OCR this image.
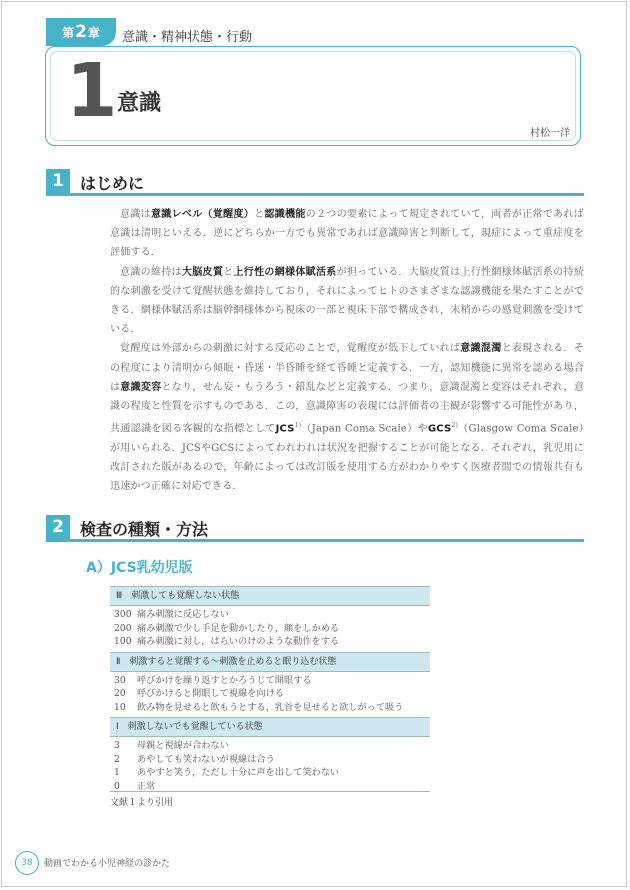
第 2 章 意識・精神状態・行動
1 意識
村松一洋
1	はじめに

意識は意識レベル（覚醒度）と認識機能の２つの要素によって規定されていて，両者が正常であれば意識は清明といえる．逆にどちらか一方でも異常であれば意識障害と判断して，現症によって重症度を評価する．

意識の維持は大脳皮質と上行性の網様体賦活系が担っている．大脳皮質は上行性網様体賦活系の持続的な刺激を受けて覚醒状態を維持しており，それによってヒトのさまざまな認識機能を果たすことができる．網様体賦活系は脳幹網様体から視床の一部と視床下部で構成され，末梢からの感覚刺激を受けている．

覚醒度は外部からの刺激に対する反応のことで，覚醒度が低下していれば意識混濁と表現される．その程度により清明から傾眠・昏迷・半昏睡を経て昏睡と定義する．一方，認知機能に異常を認める場合は意識変容となり，せん妄・もうろう・錯乱などと定義する．つまり，意識混濁と変容はそれぞれ，意識の程度と性質を示すものである．この，意識障害の表現には評価者の主観が影響する可能性があり，共通認識を図る客観的な指標としてJCS$^{1)}$（Japan Coma Scale）やGCS$^{2)}$（Glasgow Coma Scale）が用いられる．JCSやGCSによってわれわれは状況を把握することが可能となる．それぞれ，乳児用に改訂された版があるので，年齢によっては改訂版を使用する方がわかりやすく医療者間での情報共有も迅速かつ正確に対応できる．

2	検査の種類・方法
A）JCS乳幼児版
Ⅲ　刺激しても覚醒しない状態
300 痛み刺激に反応しない
200 痛み刺激で少し手足を動かしたり，顔をしかめる
100 痛み刺激に対し，はらいのけのような動作をする
Ⅱ　刺激すると覚醒する～刺激を止めると眠り込む状態
30	呼びかけを繰り返すとかろうじて開眼する
20	呼びかけると開眼して視線を向ける
10	飲み物を見せると飲もうとする，乳首を見せると欲しがって吸う
Ⅰ　刺激しないでも覚醒している状態
3	母親と視線が合わない
2	あやしても笑わないが視線は合う
1	あやすと笑う，ただし十分に声を出して笑わない
0	正常
文献１より引用
38	動画でわかる小児神経の診かた
